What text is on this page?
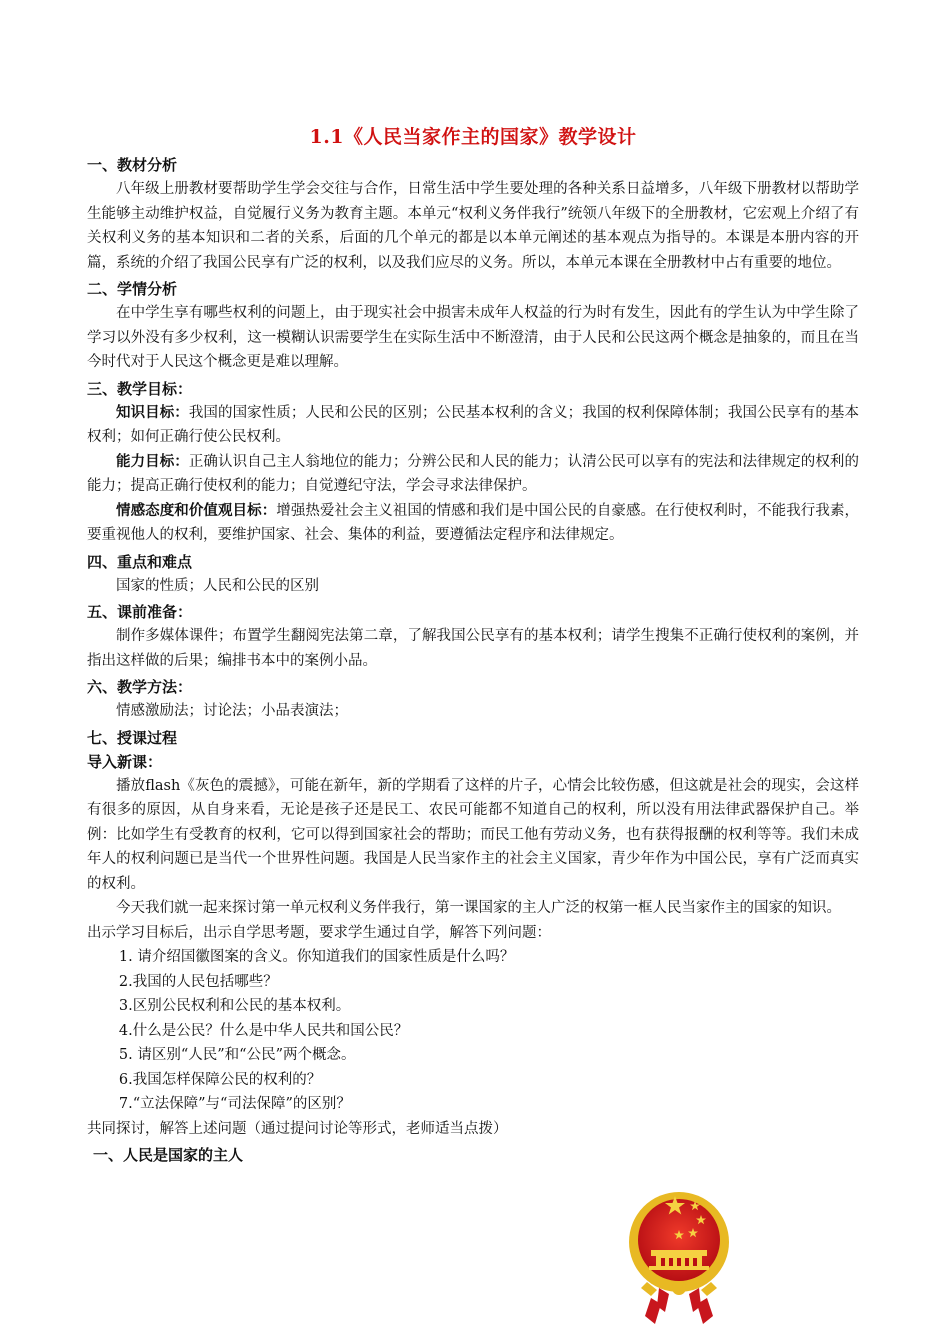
1.1《人民当家作主的国家》教学设计
一、教材分析

八年级上册教材要帮助学生学会交往与合作，日常生活中学生要处理的各种关系日益增多，八年级下册教材以帮助学生能够主动维护权益，自觉履行义务为教育主题。本单元“权利义务伴我行”统领八年级下的全册教材，它宏观上介绍了有关权利义务的基本知识和二者的关系，后面的几个单元的都是以本单元阐述的基本观点为指导的。本课是本册内容的开篇，系统的介绍了我国公民享有广泛的权利，以及我们应尽的义务。所以，本单元本课在全册教材中占有重要的地位。

二、学情分析

在中学生享有哪些权利的问题上，由于现实社会中损害未成年人权益的行为时有发生，因此有的学生认为中学生除了学习以外没有多少权利，这一模糊认识需要学生在实际生活中不断澄清，由于人民和公民这两个概念是抽象的，而且在当今时代对于人民这个概念更是难以理解。

三、教学目标：

知识目标：我国的国家性质；人民和公民的区别；公民基本权利的含义；我国的权利保障体制；我国公民享有的基本权利；如何正确行使公民权利。

能力目标：正确认识自己主人翁地位的能力；分辨公民和人民的能力；认清公民可以享有的宪法和法律规定的权利的能力；提高正确行使权利的能力；自觉遵纪守法，学会寻求法律保护。

情感态度和价值观目标：增强热爱社会主义祖国的情感和我们是中国公民的自豪感。在行使权利时，不能我行我素，要重视他人的权利，要维护国家、社会、集体的利益，要遵循法定程序和法律规定。

四、重点和难点

国家的性质；人民和公民的区别

五、课前准备：

制作多媒体课件；布置学生翻阅宪法第二章，了解我国公民享有的基本权利；请学生搜集不正确行使权利的案例，并指出这样做的后果；编排书本中的案例小品。

六、教学方法：

情感激励法；讨论法；小品表演法；

七、授课过程
导入新课：

播放flash《灰色的震撼》，可能在新年，新的学期看了这样的片子，心情会比较伤感，但这就是社会的现实，会这样有很多的原因，从自身来看，无论是孩子还是民工、农民可能都不知道自己的权利，所以没有用法律武器保护自己。举例：比如学生有受教育的权利，它可以得到国家社会的帮助；而民工他有劳动义务，也有获得报酬的权利等等。我们未成年人的权利问题已是当代一个世界性问题。我国是人民当家作主的社会主义国家，青少年作为中国公民，享有广泛而真实的权利。

今天我们就一起来探讨第一单元权利义务伴我行，第一课国家的主人广泛的权第一框人民当家作主的国家的知识。

出示学习目标后，出示自学思考题，要求学生通过自学，解答下列问题：

1. 请介绍国徽图案的含义。你知道我们的国家性质是什么吗？

2.我国的人民包括哪些？

3.区别公民权利和公民的基本权利。

4.什么是公民？什么是中华人民共和国公民？

5. 请区别“人民”和“公民”两个概念。

6.我国怎样保障公民的权利的？

7.“立法保障”与“司法保障”的区别？

共同探讨，解答上述问题（通过提问讨论等形式，老师适当点拨）

一、人民是国家的主人
